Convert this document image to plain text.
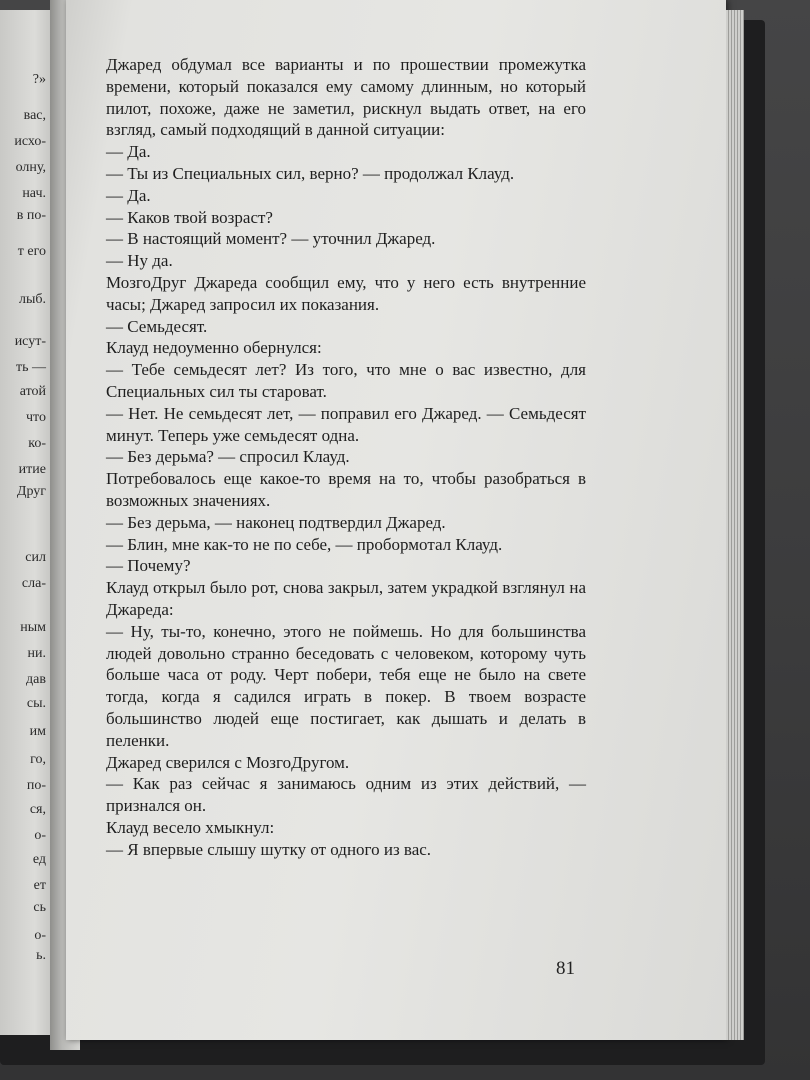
?»
вас,
исхо-
олну,
нач.
в по-
т его
лыб.
исут-
ть —
атой
что
ко-
итие
Друг
сил
сла-
ным
ни.
дав
сы.
им
го,
по-
ся,
о-
ед
ет
сь
о-
ь.

Джаред обдумал все варианты и по прошествии промежутка времени, который показался ему самому длинным, но который пилот, похоже, даже не заметил, рискнул выдать ответ, на его взгляд, самый подходящий в данной ситуации:

— Да.

— Ты из Специальных сил, верно? — продолжал Клауд.

— Да.

— Каков твой возраст?

— В настоящий момент? — уточнил Джаред.

— Ну да.

МозгоДруг Джареда сообщил ему, что у него есть внутренние часы; Джаред запросил их показания.

— Семьдесят.

Клауд недоуменно обернулся:

— Тебе семьдесят лет? Из того, что мне о вас известно, для Специальных сил ты старoват.

— Нет. Не семьдесят лет, — поправил его Джаред. — Семьдесят минут. Теперь уже семьдесят одна.

— Без дерьма? — спросил Клауд.

Потребовалось еще какое-то время на то, чтобы разобраться в возможных значениях.

— Без дерьма, — наконец подтвердил Джаред.

— Блин, мне как-то не по себе, — пробормотал Клауд.

— Почему?

Клауд открыл было рот, снова закрыл, затем украдкой взглянул на Джареда:

— Ну, ты-то, конечно, этого не поймешь. Но для большинства людей довольно странно беседовать с человеком, которому чуть больше часа от роду. Черт побери, тебя еще не было на свете тогда, когда я садился играть в покер. В твоем возрасте большинство людей еще постигает, как дышать и делать в пеленки.

Джаред сверился с МозгоДругом.

— Как раз сейчас я занимаюсь одним из этих действий, — признался он.

Клауд весело хмыкнул:

— Я впервые слышу шутку от одного из вас.

81
